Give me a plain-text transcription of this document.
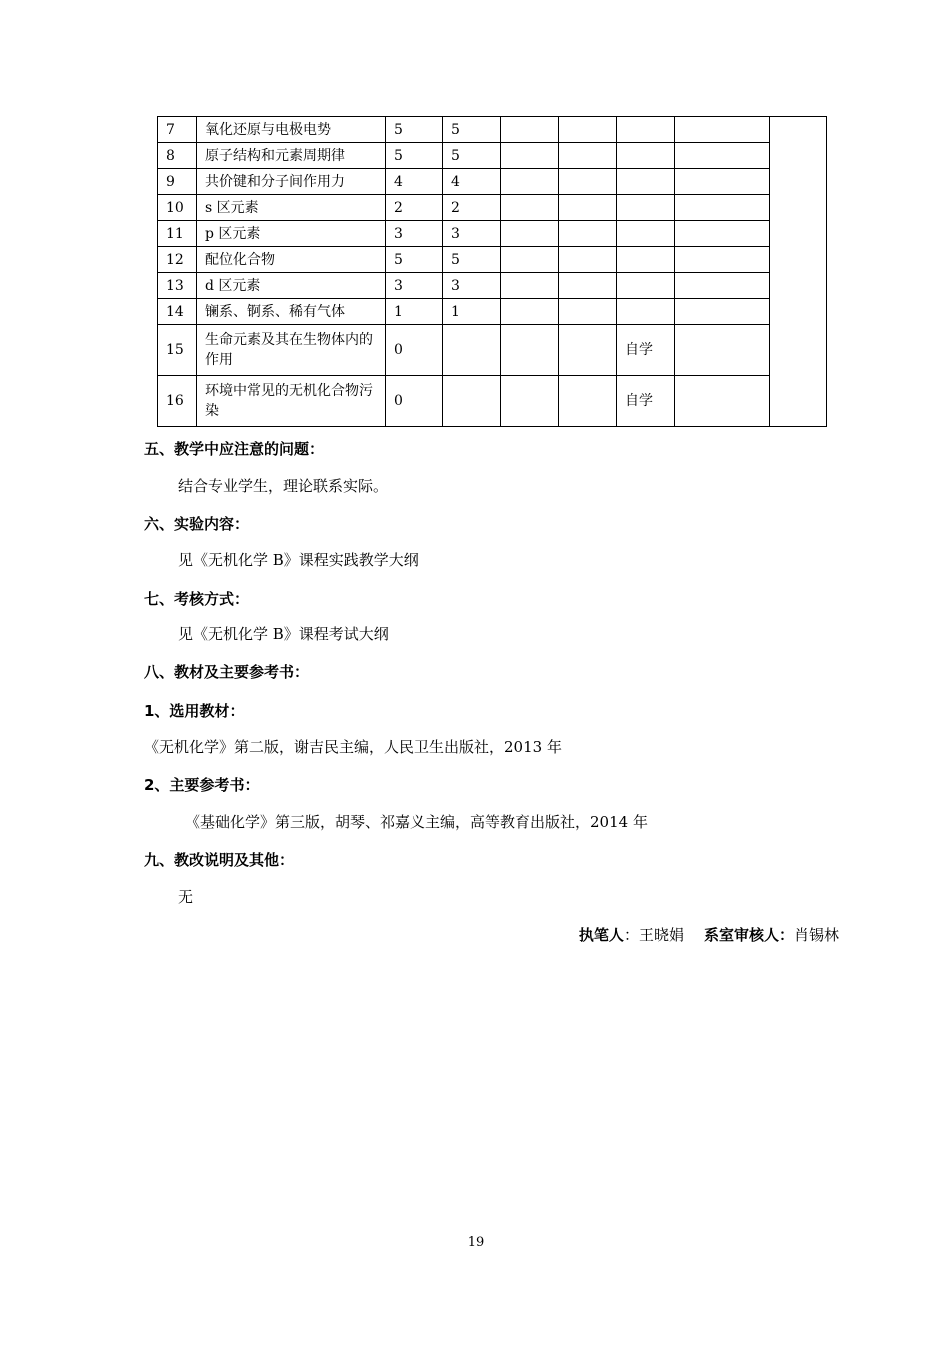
7	氧化还原与电极电势	5	5					
8	原子结构和元素周期律	5	5					
9	共价键和分子间作用力	4	4					
10	s 区元素	2	2					
11	p 区元素	3	3					
12	配位化合物	5	5					
13	d 区元素	3	3					
14	镧系、锕系、稀有气体	1	1					
15	生命元素及其在生物体内的作用	0				自学		
16	环境中常见的无机化合物污染	0				自学		
五、教学中应注意的问题：
结合专业学生，理论联系实际。
六、实验内容：
见《无机化学 B》课程实践教学大纲
七、考核方式：
见《无机化学 B》课程考试大纲
八、教材及主要参考书：
1、选用教材：
《无机化学》第二版，谢吉民主编，人民卫生出版社，2013 年
2、主要参考书：
《基础化学》第三版，胡琴、祁嘉义主编，高等教育出版社，2014 年
九、教改说明及其他：
无
执笔人：王晓娟 系室审核人：肖锡林
19
